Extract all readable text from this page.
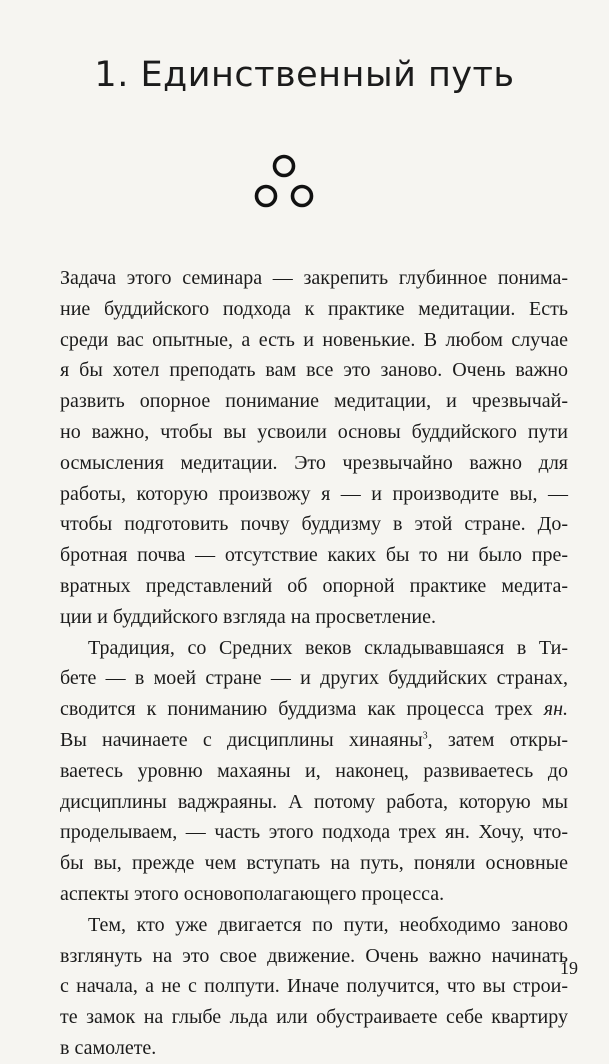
1. Единственный путь

Задача этого семинара — закрепить глубинное понима-
ние буддийского подхода к практике медитации. Есть
среди вас опытные, а есть и новенькие. В любом случае
я бы хотел преподать вам все это заново. Очень важно
развить опорное понимание медитации, и чрезвычай-
но важно, чтобы вы усвоили основы буддийского пути
осмысления медитации. Это чрезвычайно важно для
работы, которую произвожу я — и производите вы, —
чтобы подготовить почву буддизму в этой стране. До-
бротная почва — отсутствие каких бы то ни было пре-
вратных представлений об опорной практике медита-
ции и буддийского взгляда на просветление.

Традиция, со Средних веков складывавшаяся в Ти-
бете — в моей стране — и других буддийских странах,
сводится к пониманию буддизма как процесса трех ян.
Вы начинаете с дисциплины хинаяны$^3$, затем откры-
ваетесь уровню махаяны и, наконец, развиваетесь до
дисциплины ваджраяны. А потому работа, которую мы
проделываем, — часть этого подхода трех ян. Хочу, что-
бы вы, прежде чем вступать на путь, поняли основные
аспекты этого основополагающего процесса.

Тем, кто уже двигается по пути, необходимо заново
взглянуть на это свое движение. Очень важно начинать
с начала, а не с полпути. Иначе получится, что вы строи-
те замок на глыбе льда или обустраиваете себе квартиру
в самолете.

19
